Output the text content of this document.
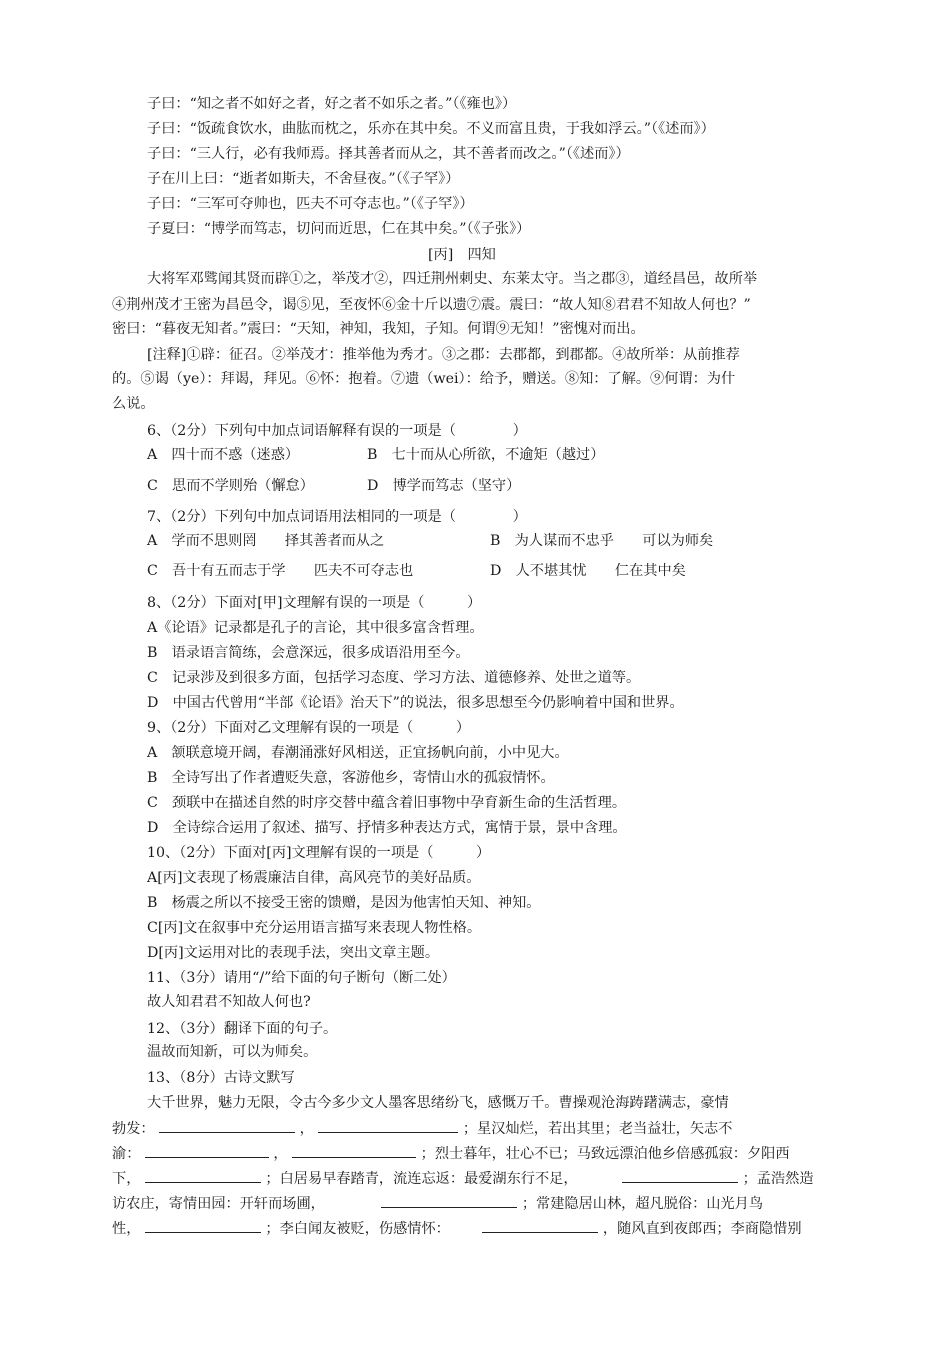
子曰：“知之者不如好之者，好之者不如乐之者。”（《雍也》）
子曰：“饭疏食饮水，曲肱而枕之，乐亦在其中矣。不义而富且贵，于我如浮云。”（《述而》）
子曰：“三人行，必有我师焉。择其善者而从之，其不善者而改之。”（《述而》）
子在川上曰：“逝者如斯夫，不舍昼夜。”（《子罕》）
子曰：“三军可夺帅也，匹夫不可夺志也。”（《子罕》）
子夏曰：“博学而笃志，切问而近思，仁在其中矣。”（《子张》）
[丙]　四知
大将军邓骘闻其贤而辟①之，举茂才②，四迁荆州刺史、东莱太守。当之郡③，道经昌邑，故所举
④荆州茂才王密为昌邑令，谒⑤见，至夜怀⑥金十斤以遗⑦震。震曰：“故人知⑧君君不知故人何也？”
密曰：“暮夜无知者。”震曰：“天知，神知，我知，子知。何谓⑨无知！”密愧对而出。
[注释]①辟：征召。②举茂才：推举他为秀才。③之郡：去郡都，到郡都。④故所举：从前推荐
的。⑤谒（ye）：拜谒，拜见。⑥怀：抱着。⑦遗（wei）：给予，赠送。⑧知：了解。⑨何谓：为什
么说。
6、（2分）下列句中加点词语解释有误的一项是（　　　　）
A　四十而不惑（迷惑）	B　七十而从心所欲，不逾矩（越过）
C　思而不学则殆（懈怠）	D　博学而笃志（坚守）
7、（2分）下列句中加点词语用法相同的一项是（　　　　）
A　学而不思则罔　　择其善者而从之	B　为人谋而不忠乎　　可以为师矣
C　吾十有五而志于学　　匹夫不可夺志也	D　人不堪其忧　　仁在其中矣
8、（2分）下面对[甲]文理解有误的一项是（　　　）
A《论语》记录都是孔子的言论，其中很多富含哲理。
B　语录语言简练，会意深远，很多成语沿用至今。
C　记录涉及到很多方面，包括学习态度、学习方法、道德修养、处世之道等。
D　中国古代曾用“半部《论语》治天下”的说法，很多思想至今仍影响着中国和世界。
9、（2分）下面对乙文理解有误的一项是（　　　）
A　颔联意境开阔，春潮涌涨好风相送，正宜扬帆向前，小中见大。
B　全诗写出了作者遭贬失意，客游他乡，寄情山水的孤寂情怀。
C　颈联中在描述自然的时序交替中蕴含着旧事物中孕育新生命的生活哲理。
D　全诗综合运用了叙述、描写、抒情多种表达方式，寓情于景，景中含理。
10、（2分）下面对[丙]文理解有误的一项是（　　　）
A[丙]文表现了杨震廉洁自律，高风亮节的美好品质。
B　杨震之所以不接受王密的馈赠，是因为他害怕天知、神知。
C[丙]文在叙事中充分运用语言描写来表现人物性格。
D[丙]文运用对比的表现手法，突出文章主题。
11、（3分）请用“/”给下面的句子断句（断二处）
故人知君君不知故人何也?
12、（3分）翻译下面的句子。
温故而知新，可以为师矣。
13、（8分）古诗文默写
大千世界，魅力无限，令古今多少文人墨客思绪纷飞，感慨万千。曹操观沧海踌躇满志，豪情
勃发：	，	；星汉灿烂，若出其里；老当益壮，矢志不
渝：	，	；烈士暮年，壮心不已；马致远漂泊他乡倍感孤寂：夕阳西
下，	；白居易早春踏青，流连忘返：最爱湖东行不足，	；孟浩然造
访农庄，寄情田园：开轩而场圃，	；常建隐居山林，超凡脱俗：山光月鸟
性，	；李白闻友被贬，伤感情怀：	，随风直到夜郎西；李商隐惜别
